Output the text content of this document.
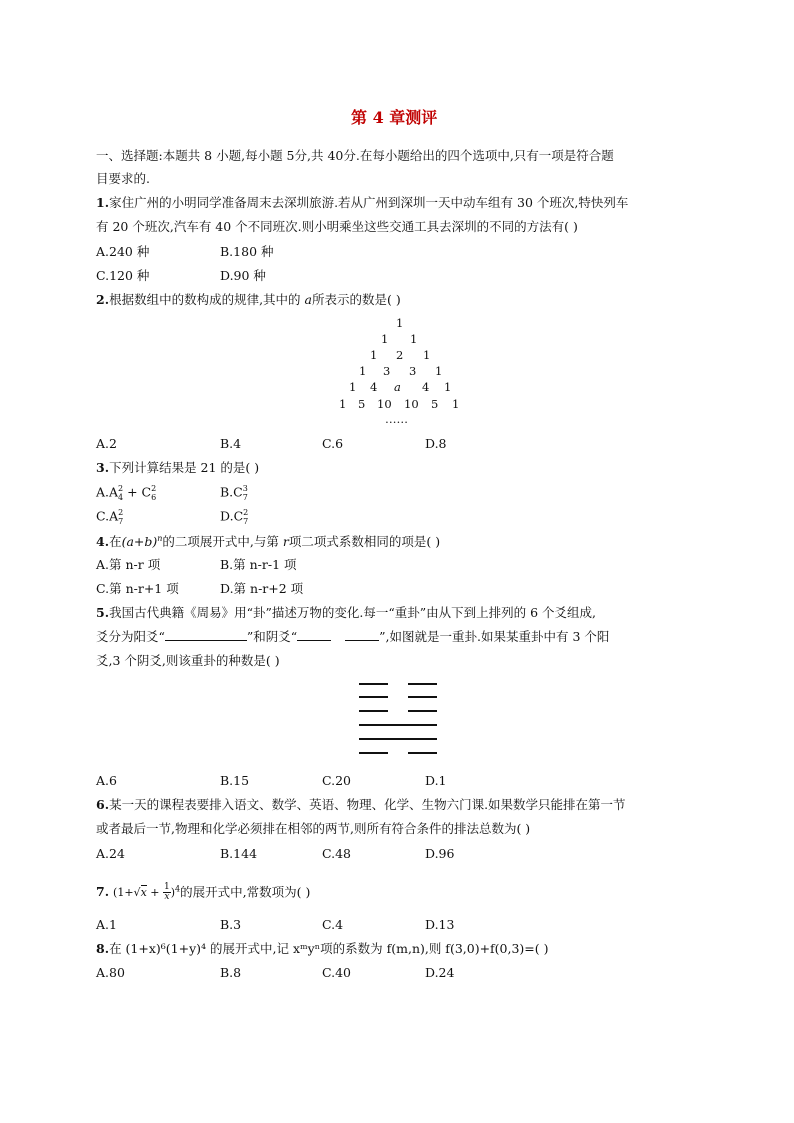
第 4 章测评
一、选择题:本题共 8 小题,每小题 5分,共 40分.在每小题给出的四个选项中,只有一项是符合题
目要求的.
1.家住广州的小明同学准备周末去深圳旅游.若从广州到深圳一天中动车组有 30 个班次,特快列车
有 20 个班次,汽车有 40 个不同班次.则小明乘坐这些交通工具去深圳的不同的方法有( )
A.240 种	B.180 种
C.120 种	D.90 种
2.根据数组中的数构成的规律,其中的 a所表示的数是( )
1
1 1
1 2 1
1 3 3 1
1 4 a 4 1
1 5 10 10 5 1
……
A.2	B.4	C.6	D.8
3.下列计算结果是 21 的是( )
A.A 2
4 + C 2
6	B.C 3
7
C.A 2
7	D.C 2
7
4.在$(a+b)^n$的二项展开式中,与第 r项二项式系数相同的项是( )
A.第 n-r 项	B.第 n-r-1 项
C.第 n-r+1 项	D.第 n-r+2 项
5.我国古代典籍《周易》用“卦”描述万物的变化.每一“重卦”由从下到上排列的 6 个爻组成,
爻分为阳爻“	”和阴爻“	”,如图就是一重卦.如果某重卦中有 3 个阳
爻,3 个阴爻,则该重卦的种数是( )
A.6	B.15	C.20	D.1
6.某一天的课程表要排入语文、数学、英语、物理、化学、生物六门课.如果数学只能排在第一节
或者最后一节,物理和化学必须排在相邻的两节,则所有符合条件的排法总数为( )
A.24	B.144	C.48	D.96
7. $(1+√x + \frac{1}{x} )^4$的展开式中,常数项为( )
A.1	B.3	C.4	D.13
8.在 (1+x)⁶(1+y)⁴ 的展开式中,记 xᵐyⁿ项的系数为 f(m,n),则 f(3,0)+f(0,3)=( )
A.80	B.8	C.40	D.24
